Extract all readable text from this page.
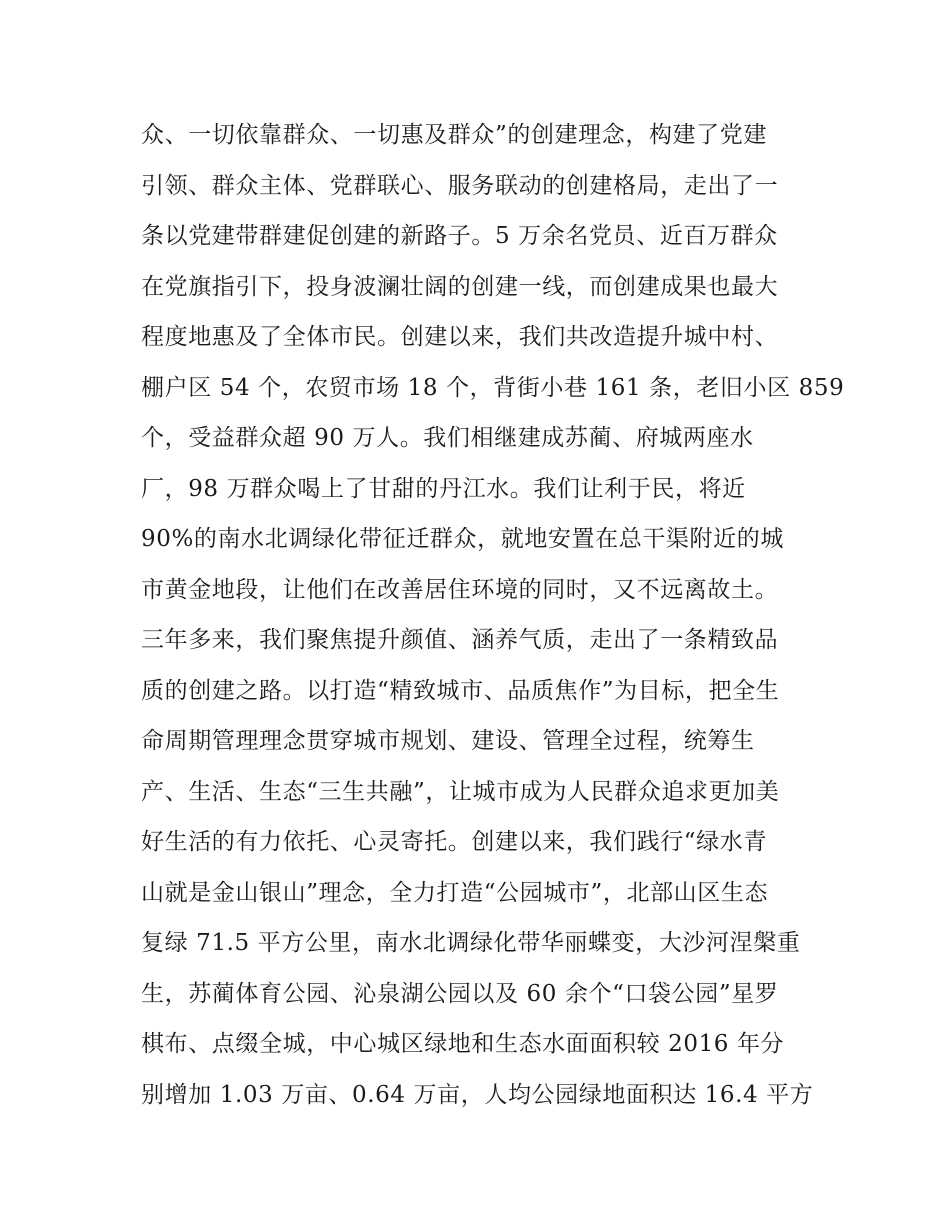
众、一切依靠群众、一切惠及群众”的创建理念，构建了党建
引领、群众主体、党群联心、服务联动的创建格局，走出了一
条以党建带群建促创建的新路子。5 万余名党员、近百万群众
在党旗指引下，投身波澜壮阔的创建一线，而创建成果也最大
程度地惠及了全体市民。创建以来，我们共改造提升城中村、
棚户区 54 个，农贸市场 18 个，背街小巷 161 条，老旧小区 859
个，受益群众超 90 万人。我们相继建成苏蔺、府城两座水
厂，98 万群众喝上了甘甜的丹江水。我们让利于民，将近
90%的南水北调绿化带征迁群众，就地安置在总干渠附近的城
市黄金地段，让他们在改善居住环境的同时，又不远离故土。
三年多来，我们聚焦提升颜值、涵养气质，走出了一条精致品
质的创建之路。以打造“精致城市、品质焦作”为目标，把全生
命周期管理理念贯穿城市规划、建设、管理全过程，统筹生
产、生活、生态“三生共融”，让城市成为人民群众追求更加美
好生活的有力依托、心灵寄托。创建以来，我们践行“绿水青
山就是金山银山”理念，全力打造“公园城市”，北部山区生态
复绿 71.5 平方公里，南水北调绿化带华丽蝶变，大沙河涅槃重
生，苏蔺体育公园、沁泉湖公园以及 60 余个“口袋公园”星罗
棋布、点缀全城，中心城区绿地和生态水面面积较 2016 年分
别增加 1.03 万亩、0.64 万亩，人均公园绿地面积达 16.4 平方
